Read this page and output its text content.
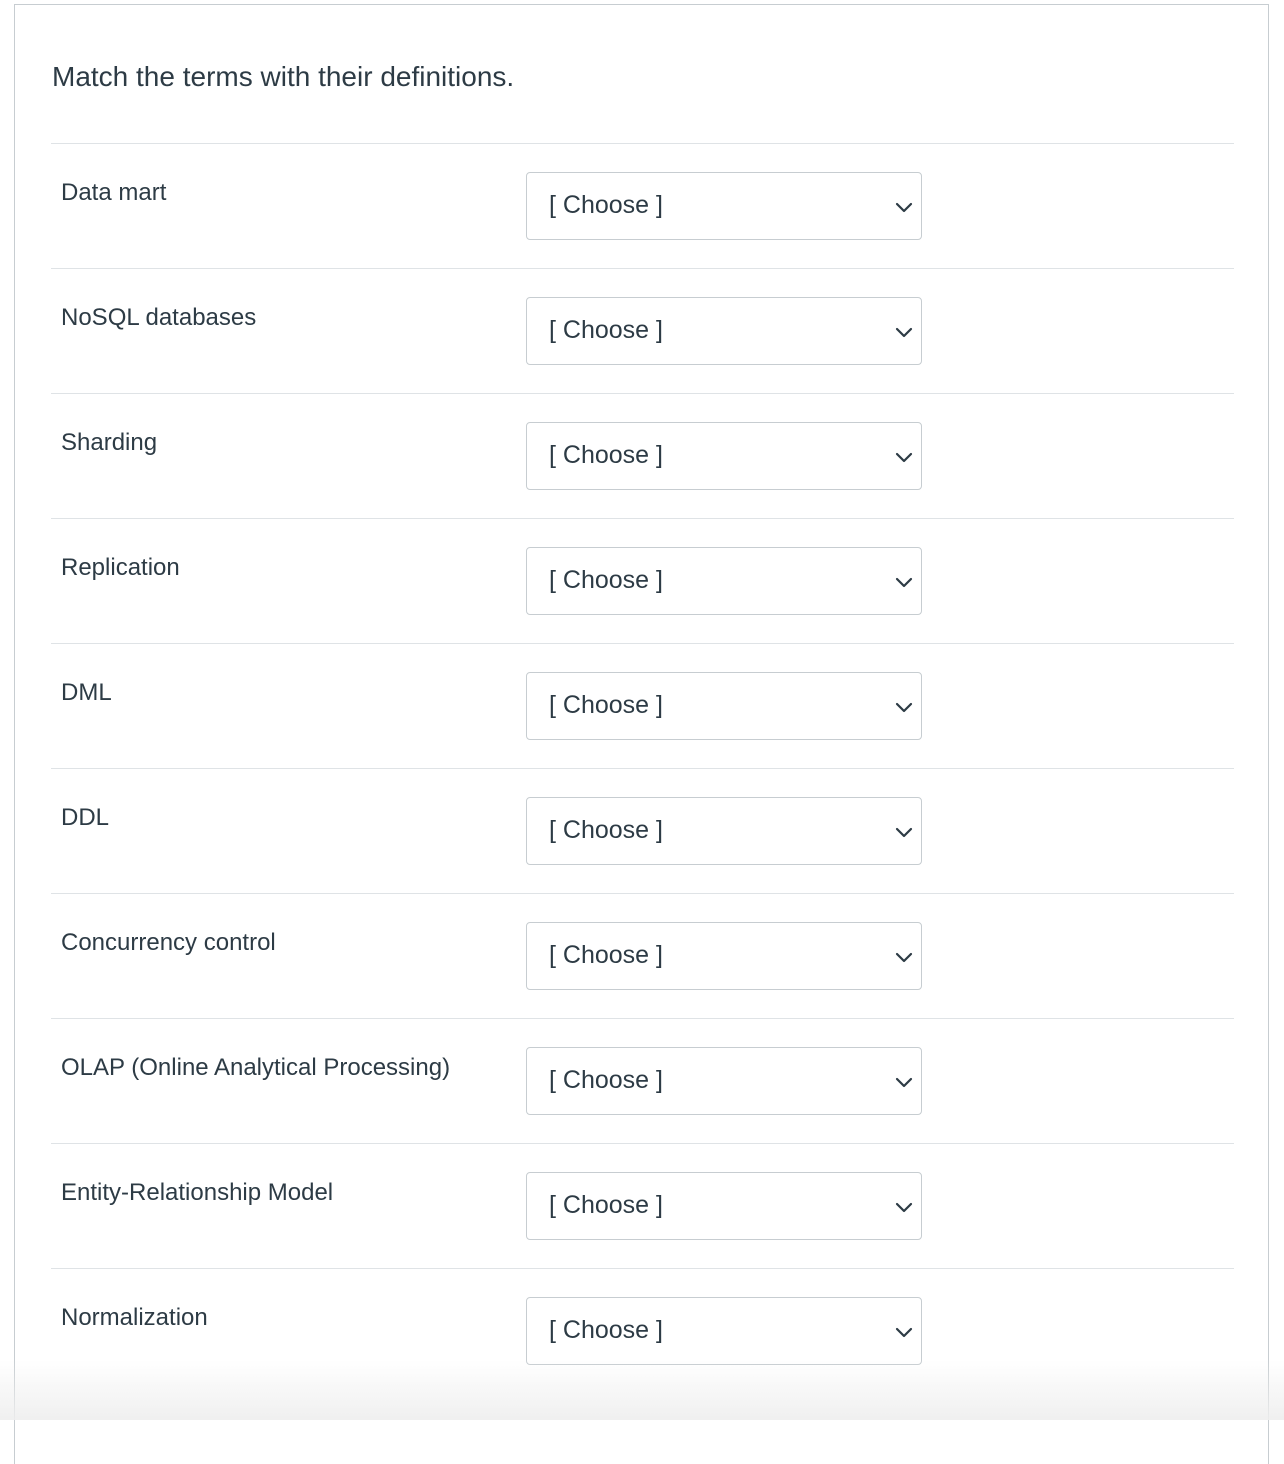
Match the terms with their definitions.

Data mart	[ Choose ]
NoSQL databases	[ Choose ]
Sharding	[ Choose ]
Replication	[ Choose ]
DML	[ Choose ]
DDL	[ Choose ]
Concurrency control	[ Choose ]
OLAP (Online Analytical Processing)	[ Choose ]
Entity-Relationship Model	[ Choose ]
Normalization	[ Choose ]
